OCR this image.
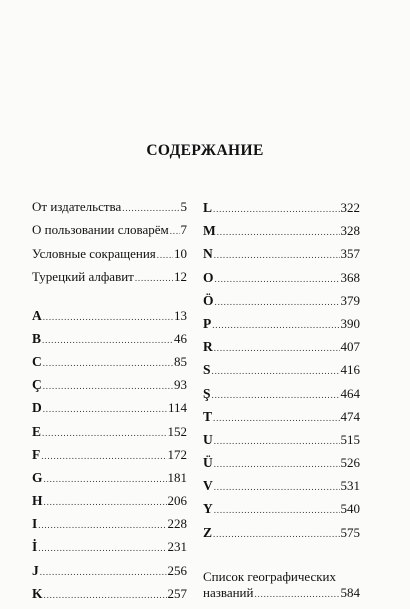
СОДЕРЖАНИЕ
От издательства .....	5
О пользовании словарём ..... 7
Условные сокращения ..... 10
Турецкий алфавит .....	12
A .....	13
B .....	46
C .....	85
Ç .....	93
D .....	114
E .....	152
F .....	172
G .....	181
H .....	206
I .....	228
İ .....	231
J .....	256
K .....	257
L .....	322
M .....	328
N .....	357
O .....	368
Ö .....	379
P .....	390
R .....	407
S .....	416
Ş .....	464
T .....	474
U .....	515
Ü .....	526
V .....	531
Y .....	540
Z .....	575
Список географических
названий .....	584
